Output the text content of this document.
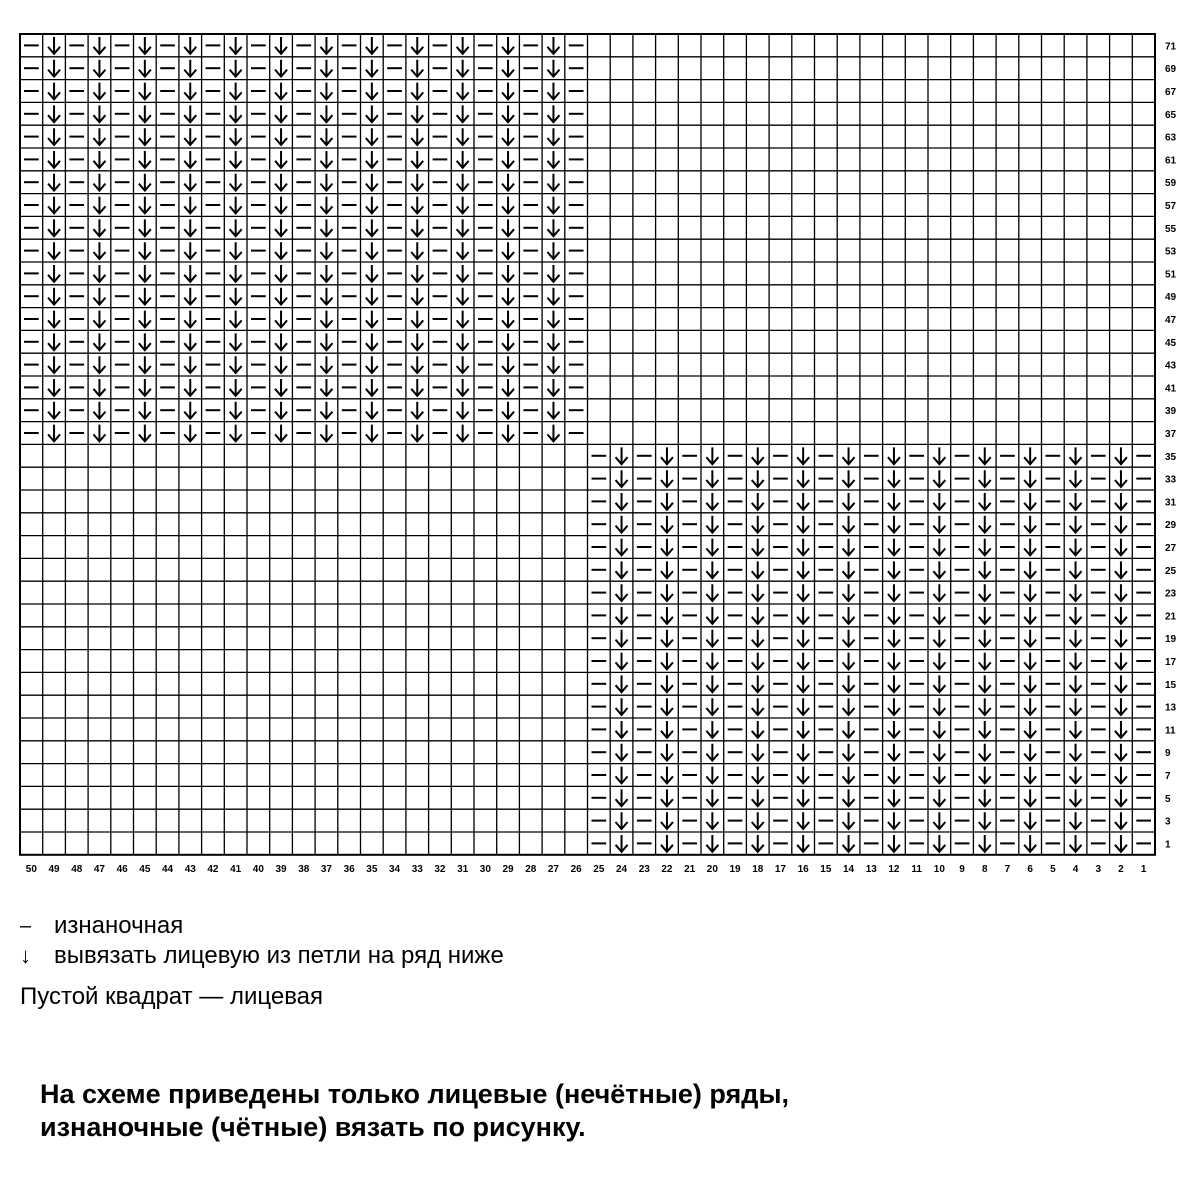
71
69
67
65
63
61
59
57
55
53
51
49
47
45
43
41
39
37
35
33
31
29
27
25
23
21
19
17
15
13
11
9
7
5
3
1
50 49 48 47 46 45 44 43 42 41 40 39 38 37 36 35 34 33 32 31 30 29 28 27 26 25 24 23 22 21 20 19 18 17 16 15 14 13 12 11 10 9 8 7 6 5 4 3 2 1
– изнаночная
↓ вывязать лицевую из петли на ряд ниже
Пустой квадрат — лицевая
На схеме приведены только лицевые (нечётные) ряды,
изнаночные (чётные) вязать по рисунку.
